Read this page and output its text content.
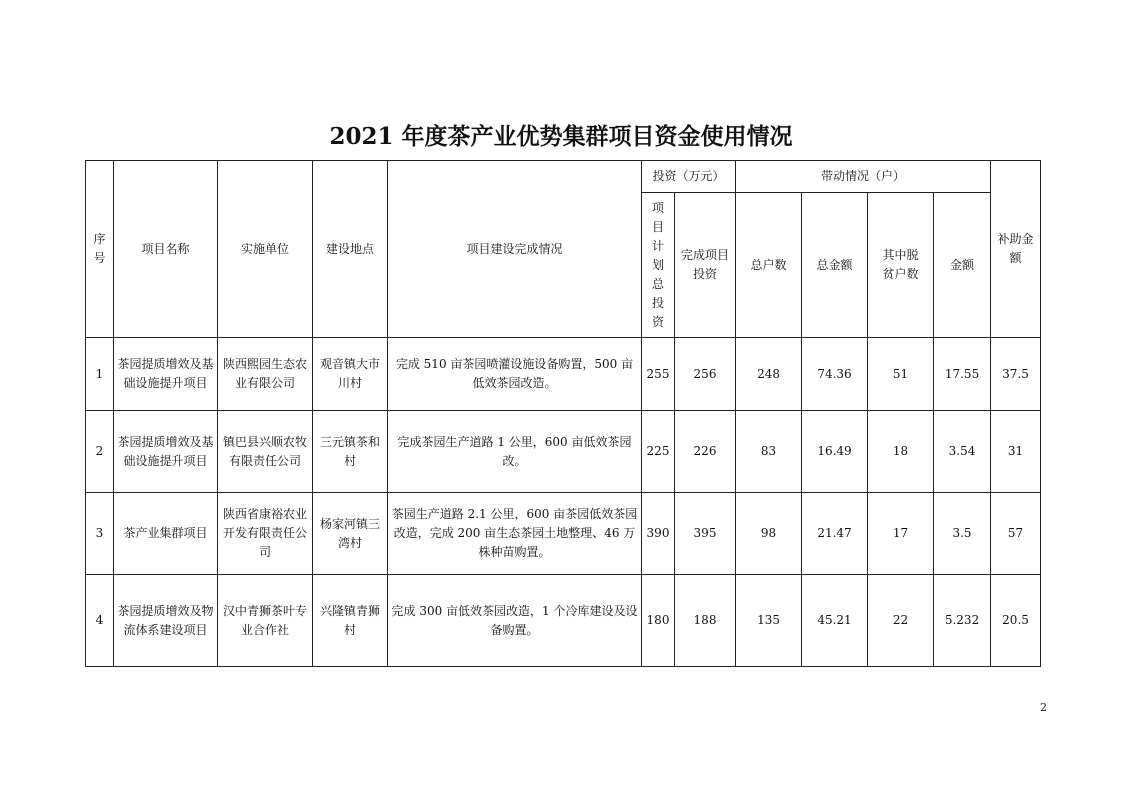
2021 年度茶产业优势集群项目资金使用情况
序号	项目名称	实施单位	建设地点	项目建设完成情况	投资（万元）		带动情况（户）				补助金额

					项目计划总投资	完成项目投资	总户数	总金额	其中脱贫户数	金额	
1	茶园提质增效及基础设施提升项目	陕西熙园生态农业有限公司	观音镇大市川村	完成 510 亩茶园喷灌设施设备购置，500 亩低效茶园改造。	255	256	248	74.36	51	17.55	37.5
2	茶园提质增效及基础设施提升项目	镇巴县兴顺农牧有限责任公司	三元镇茶和村	完成茶园生产道路 1 公里，600 亩低效茶园改。	225	226	83	16.49	18	3.54	31
3	茶产业集群项目	陕西省康裕农业开发有限责任公司	杨家河镇三湾村	茶园生产道路 2.1 公里，600 亩茶园低效茶园改造，完成 200 亩生态茶园土地整理、46 万株种苗购置。	390	395	98	21.47	17	3.5	57
4	茶园提质增效及物流体系建设项目	汉中青狮茶叶专业合作社	兴隆镇青狮村	完成 300 亩低效茶园改造，1 个冷库建设及设备购置。	180	188	135	45.21	22	5.232	20.5
2
